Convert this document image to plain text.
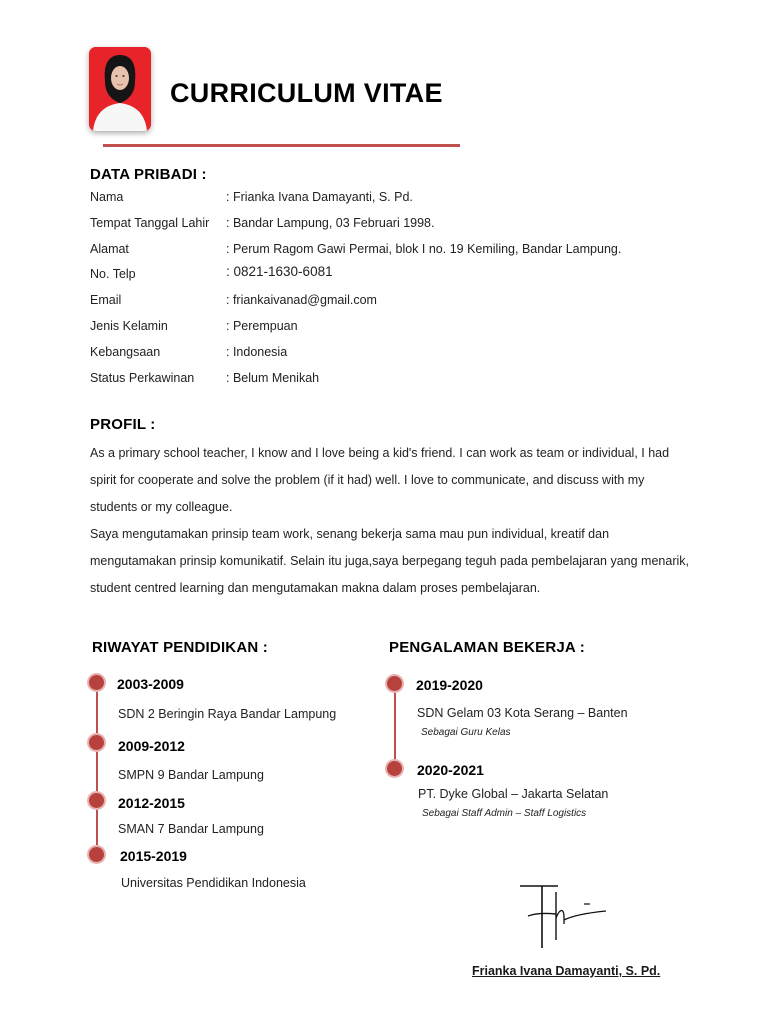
CURRICULUM VITAE
DATA PRIBADI :
Nama	: Frianka Ivana Damayanti, S. Pd.
Tempat Tanggal Lahir : Bandar Lampung, 03 Februari 1998.
Alamat	: Perum Ragom Gawi Permai, blok I no. 19 Kemiling, Bandar Lampung.
No. Telp	: 0821-1630-6081
Email	: friankaivanad@gmail.com
Jenis Kelamin	: Perempuan
Kebangsaan	: Indonesia
Status Perkawinan	: Belum Menikah
PROFIL :

As a primary school teacher, I know and I love being a kid's friend. I can work as team or individual, I had spirit for cooperate and solve the problem (if it had) well. I love to communicate, and discuss with my students or my colleague.

Saya mengutamakan prinsip team work, senang bekerja sama mau pun individual, kreatif dan mengutamakan prinsip komunikatif. Selain itu juga,saya berpegang teguh pada pembelajaran yang menarik, student centred learning dan mengutamakan makna dalam proses pembelajaran.

RIWAYAT PENDIDIKAN :
2003-2009
SDN 2 Beringin Raya Bandar Lampung
2009-2012
SMPN 9 Bandar Lampung
2012-2015
SMAN 7 Bandar Lampung
2015-2019
Universitas Pendidikan Indonesia
PENGALAMAN BEKERJA :
2019-2020
SDN Gelam 03 Kota Serang – Banten
Sebagai Guru Kelas
2020-2021
PT. Dyke Global – Jakarta Selatan
Sebagai Staff Admin – Staff Logistics
Frianka Ivana Damayanti, S. Pd.
